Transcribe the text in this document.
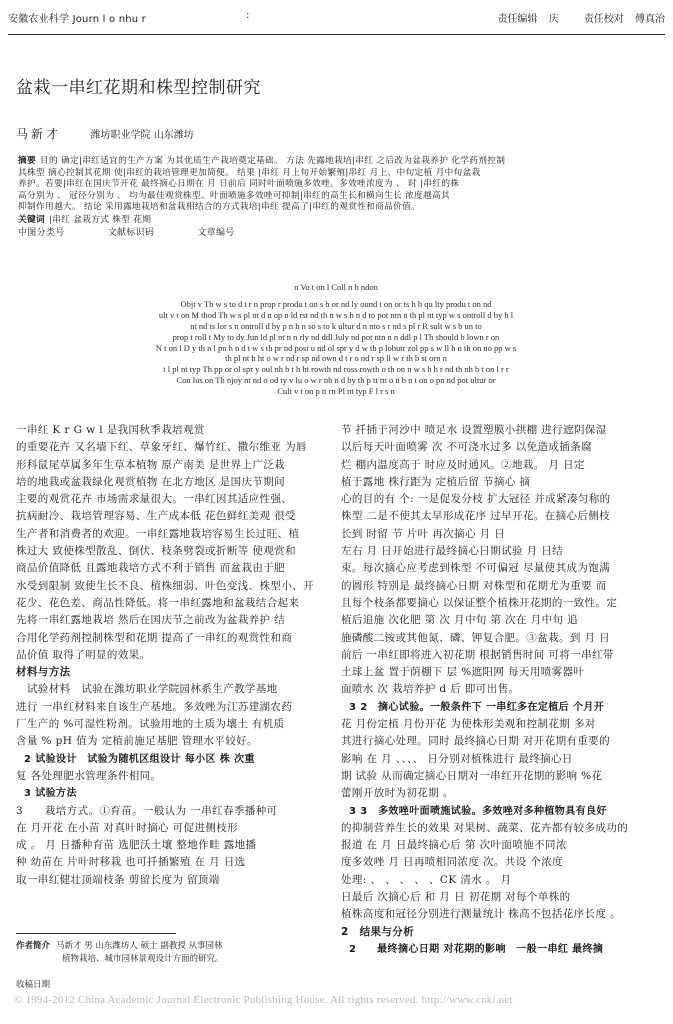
安徽农业科学 Journ l o nhu r	:	责任编辑 庆	责任校对 傅真治
盆栽一串红花期和株型控制研究
马新才	潍坊职业学院 山东潍坊
摘要 目的 确定|串红适宜的生产方案 为其优质生产栽培奠定基础。 方法 先露地栽培|串红 之后改为盆栽养护 化学药剂控制
其株型 摘心控制其花期 使|串红的栽培管理更加简便。 结果 |串红 月上旬开始繁殖|串红 月上、中旬定植 月中旬盆栽
养护。若要|串红在国庆节开花 最终摘心日期在 月 日前后 同时叶面喷施多效唑。多效唑浓度为 、 时 |串红的株
高分别为 、 冠径分别为 、 均为最佳观赏株型。叶面喷施多效唑可抑制|串红的高生长和横向生长 浓度越高其
抑制作用越大。 结论 采用露地栽培和盆栽相结合的方式栽培|串红 提高了|串红的观赏性和商品价值。
关键词 |串红 盆栽方式 株型 花期
中图分类号	文献标识码	文章编号
n Vo t on l Coll n h ndon
Objt v Th w s to d t r n prop r produ t on s h or nd ly ound t on or ts h h qu lty produ t on nd
ult v t on M thod Th w s pl nt d n op n ld rst nd th n w s h n d to pot ntn n th pl nt typ w s ontroll d by h l
nt nd ts lor s n ontroll d by p n h n so s to k ultur d n nto s r nd s pl r R sult w s b un to
prop t roll t My to dy Jun ld pl nt n n rly nd ddl July nd pot ntn n n ddl p l Th should b lown r on
N t on l D y th n l pn h n d t w s th pr nd post u nd ol spr y d w th p lobutr zol pp s w ll h n th on no pp w s
th pl nt h ht o w r nd r sp nd own d t r o nd r sp ll w r th b st orn n
t l pl nt typ Th pp or ol spr y oul nh b t h ht rowth nd ross rowth o th on n w s h h r nd th nh b t on l r r
Con lus on Th njoy nt nd o od ty v lu o w r nh n d by th p tt rn o n b n t on o pn nd pot ultur or
Cult v t on p tt rn Pl nt typ F l r s n
一串红 K r G w l 是我国秋季栽培观赏
的重要花卉 又名墙下红、草象牙红、爆竹红、撒尔维亚 为唇
形科鼠尾草属多年生草本植物 原产南美 是世界上广泛栽
培的地栽或盆栽绿化观赏植物 在北方地区 是国庆节期间
主要的观赏花卉 市场需求量很大。一串红因其适应性强、
抗病耐冷、栽培管理容易、生产成本低 花色鲜红美观 很受
生产者和消费者的欢迎。一串红露地栽培容易生长过旺、植
株过大 致使株型散乱、倒伏、枝条劈裂或折断等 使观赏和
商品价值降低 且露地栽培方式不利于销售 而盆栽由于肥
水受到限制 致使生长不良、植株细弱、叶色变浅、株型小、开
花少、花色差、商品性降低。将一串红露地和盆栽结合起来
先将一串红露地栽培 然后在国庆节之前改为盆栽养护 结
合用化学药剂控制株型和花期 提高了一串红的观赏性和商
品价值 取得了明显的效果。
材料与方法
　试验材料　试验在潍坊职业学院园林系生产教学基地
进行 一串红材料来自该生产基地。多效唑为江苏建湖农药
厂生产的 %可湿性粉剂。试验用地的土质为壤土 有机质
含量 % pH 值为 定植前施足基肥 管理水平较好。
2 试验设计　试验为随机区组设计 每小区 株 次重
复 各处理肥水管理条件相同。
3 试验方法
3　　栽培方式。①育苗。一般认为 一串红春季播种可
在 月开花 在小苗 对真叶时摘心 可促进侧枝形
成 。 月 日播种育苗 选肥沃土壤 整地作畦 露地播
种 幼苗在 片叶时移栽 也可扦插繁殖 在 月 日选
取一串红健壮顶端枝条 剪留长度为 留顶端
节 扦插于河沙中 喷足水 设置塑膜小拱棚 进行遮阴保湿
以后每天叶面喷雾 次 不可浇水过多 以免造成插条腐
烂 棚内温度高于 时应及时通风。②地栽。 月 日定
植于露地 株行距为 定植后留 节摘心 摘
心的目的有 个: 一是促发分枝 扩大冠径 并成紧凑匀称的
株型 二是不使其太早形成花序 过早开花。在摘心后侧枝
长到 时留 节 片叶 再次摘心 月 日
左右 月 日开始进行最终摘心日期试验 月 日结
束。每次摘心应考虑到株型 不可偏冠 尽量使其成为饱满
的圆形 特别是 最终摘心日期 对株型和花期尤为重要 而
且每个枝条都要摘心 以保证整个植株开花期的一致性。定
植后追施 次化肥 第 次 月中旬 第 次在 月中旬 追
施磷酸二铵或其他氮、磷、钾复合肥。③盆栽。到 月 日
前后 一串红即将进入初花期 根据销售时间 可将一串红带
土球上盆 置于荫棚下 层 %遮阳网 每天用喷雾器叶
面喷水 次 栽培养护 d 后 即可出售。
3 2　摘心试验。一般条件下 一串红多在定植后 个月开
花 月份定植 月份开花 为使株形美观和控制花期 多对
其进行摘心处理。同时 最终摘心日期 对开花期有重要的
影响 在 月 、、、、 日分别对植株进行 最终摘心日
期 试验 从而确定摘心日期对一串红开花期的影响 %花
蕾刚开放时为初花期 。
3 3　多效唑叶面喷施试验。多效唑对多种植物具有良好
的抑制营养生长的效果 对果树、蔬菜、花卉都有较多成功的
报道 在 月 日最终摘心后 第 次叶面喷施不同浓
度多效唑 月 日再喷相同浓度 次。共设 个浓度
处理: 、 、 、 、 、CK 清水 。 月
日最后 次摘心后 和 月 日 初花期 对每个单株的
植株高度和冠径分别进行测量统计 株高不包括花序长度 。
2　结果与分析
2　　最终摘心日期 对花期的影响　一般一串红 最终摘
作者简介 马新才 男 山东潍坊人 硕士 副教授 从事园林
植物栽培、城市园林景观设计方面的研究。
收稿日期
© 1994-2012 China Academic Journal Electronic Publishing House. All rights reserved. http://www.cnki.net
